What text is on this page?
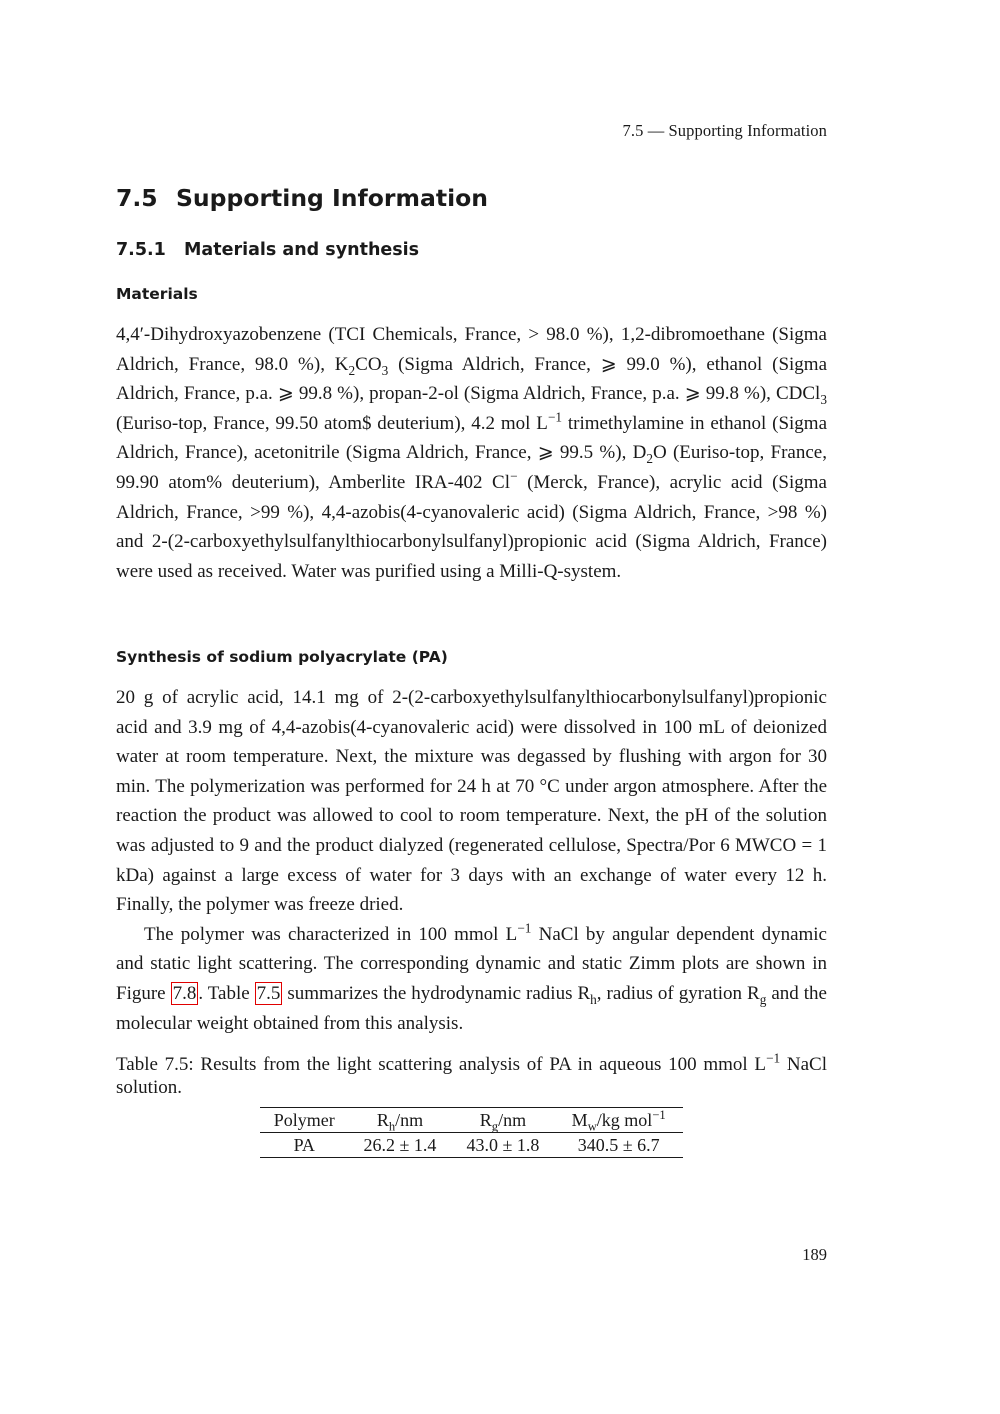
7.5 — Supporting Information
7.5 Supporting Information
7.5.1 Materials and synthesis
Materials

4,4′-Dihydroxyazobenzene (TCI Chemicals, France, > 98.0 %), 1,2-dibromoethane (Sigma Aldrich, France, 98.0 %), $K_2CO_3$ (Sigma Aldrich, France, ⩾ 99.0 %), ethanol (Sigma Aldrich, France, p.a. ⩾ 99.8 %), propan-2-ol (Sigma Aldrich, France, p.a. ⩾ 99.8 %), CDCl$_3$ (Euriso-top, France, 99.50 atom$ deuterium), 4.2 mol $L^{-1}$ trimethylamine in ethanol (Sigma Aldrich, France), acetonitrile (Sigma Aldrich, France, ⩾ 99.5 %), $D_2O$ (Euriso-top, France, 99.90 atom% deuterium), Amberlite IRA-402 Cl− (Merck, France), acrylic acid (Sigma Aldrich, France, >99 %), 4,4-azobis(4-cyanovaleric acid) (Sigma Aldrich, France, >98 %) and 2-(2-carboxyethylsulfanylthiocarbonylsulfanyl)propionic acid (Sigma Aldrich, France) were used as received. Water was purified using a Milli-Q-system.

Synthesis of sodium polyacrylate (PA)

20 g of acrylic acid, 14.1 mg of 2-(2-carboxyethylsulfanylthiocarbonylsulfanyl)propionic acid and 3.9 mg of 4,4-azobis(4-cyanovaleric acid) were dissolved in 100 mL of deionized water at room temperature. Next, the mixture was degassed by flushing with argon for 30 min. The polymerization was performed for 24 h at 70 °C under argon atmosphere. After the reaction the product was allowed to cool to room temperature. Next, the pH of the solution was adjusted to 9 and the product dialyzed (regenerated cellulose, Spectra/Por 6 MWCO = 1 kDa) against a large excess of water for 3 days with an exchange of water every 12 h. Finally, the polymer was freeze dried.

The polymer was characterized in 100 mmol $L^{-1}$ NaCl by angular dependent dynamic and static light scattering. The corresponding dynamic and static Zimm plots are shown in Figure 7.8 . Table 7.5 summarizes the hydrodynamic radius $R_h$, radius of gyration $R_g$ and the molecular weight obtained from this analysis.

Table 7.5: Results from the light scattering analysis of PA in aqueous 100 mmol $L^{-1}$ NaCl solution.

Polymer	$R_h/nm$	$R_g/nm$	$M_w/kg$ mol$^{-1}$
PA	26.2 ± 1.4	43.0 ± 1.8	340.5 ± 6.7
189
